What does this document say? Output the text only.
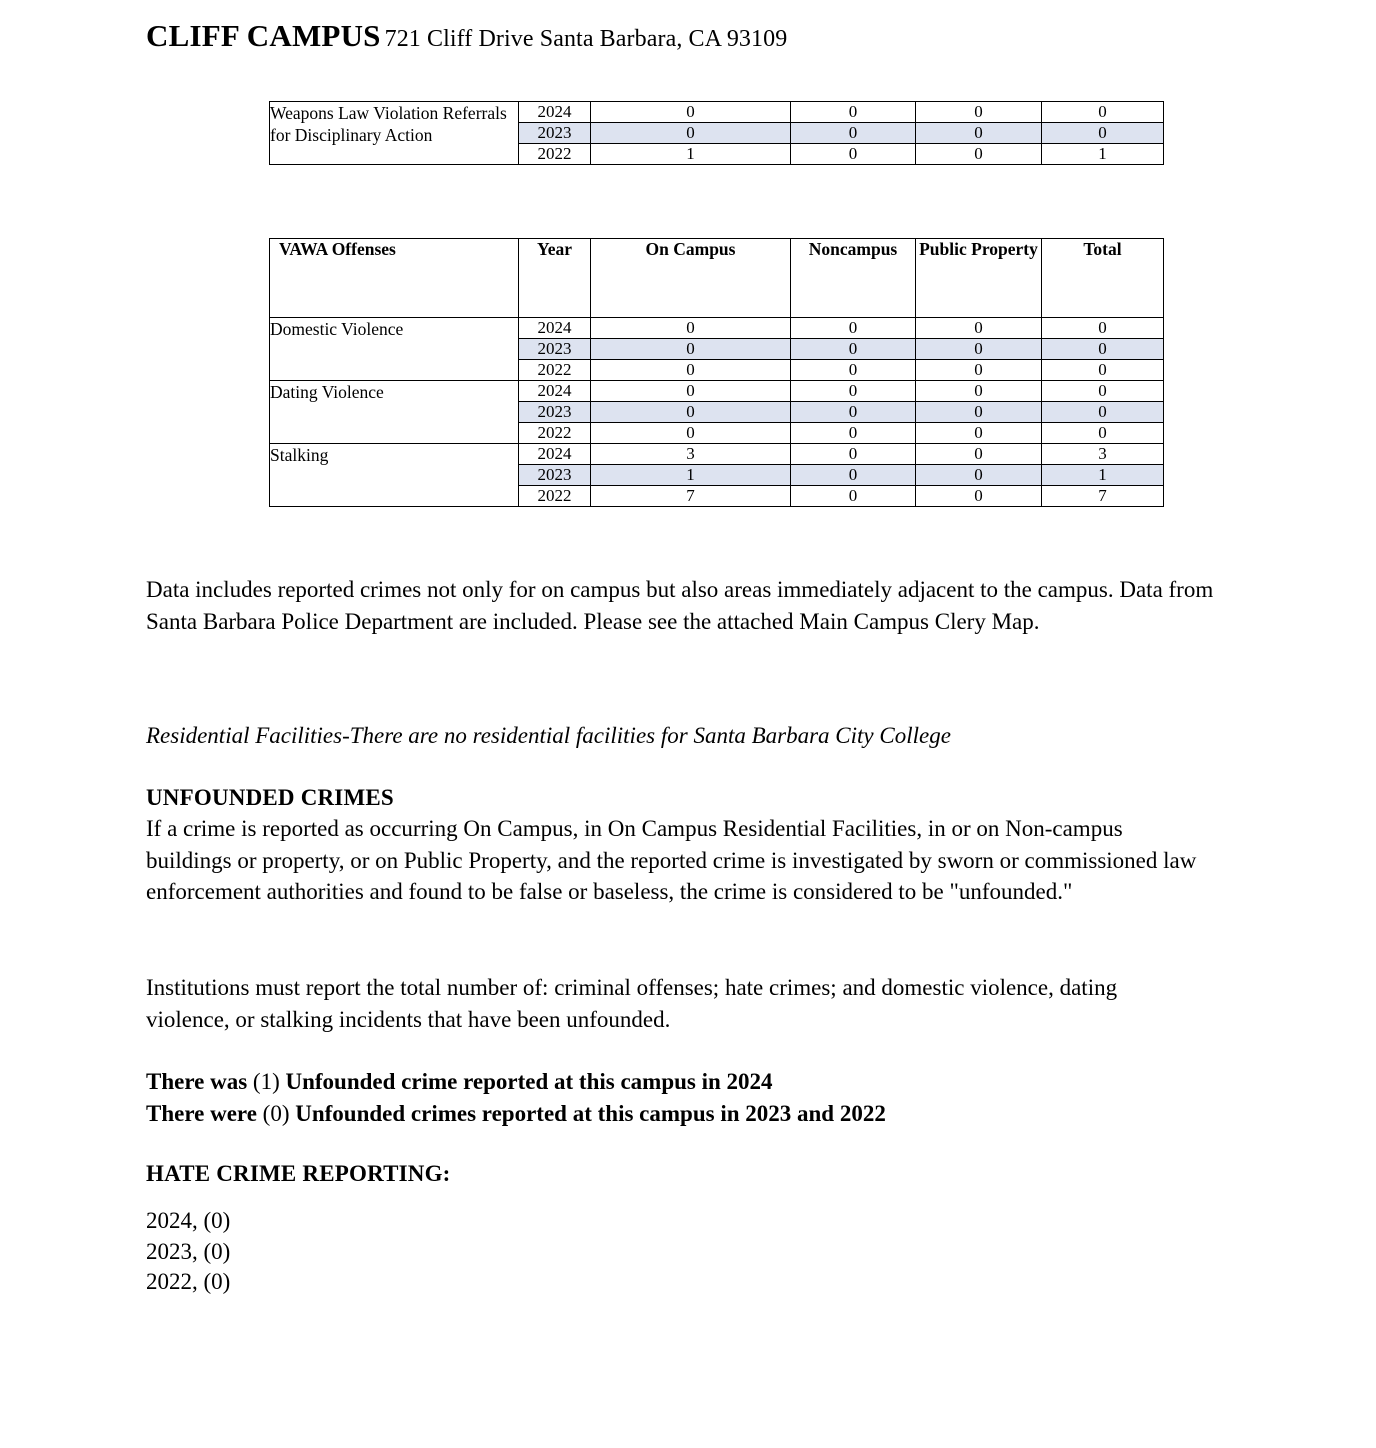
CLIFF CAMPUS 721 Cliff Drive Santa Barbara, CA 93109
Weapons Law Violation Referrals for Disciplinary Action	2024	0	0	0	0
	2023	0	0	0	0
	2022	1	0	0	1
VAWA Offenses	Year	On Campus	Noncampus	Public Property	Total
Domestic Violence	2024	0	0	0	0
	2023	0	0	0	0
	2022	0	0	0	0
Dating Violence	2024	0	0	0	0
	2023	0	0	0	0
	2022	0	0	0	0
Stalking	2024	3	0	0	3
	2023	1	0	0	1
	2022	7	0	0	7
Data includes reported crimes not only for on campus but also areas immediately adjacent to the campus. Data from Santa Barbara Police Department are included. Please see the attached Main Campus Clery Map.
Residential Facilities-There are no residential facilities for Santa Barbara City College
UNFOUNDED CRIMES
If a crime is reported as occurring On Campus, in On Campus Residential Facilities, in or on Non-campus buildings or property, or on Public Property, and the reported crime is investigated by sworn or commissioned law enforcement authorities and found to be false or baseless, the crime is considered to be "unfounded."
Institutions must report the total number of: criminal offenses; hate crimes; and domestic violence, dating violence, or stalking incidents that have been unfounded.
There was (1) Unfounded crime reported at this campus in 2024
There were (0) Unfounded crimes reported at this campus in 2023 and 2022
HATE CRIME REPORTING:
2024, (0)
2023, (0)
2022, (0)
